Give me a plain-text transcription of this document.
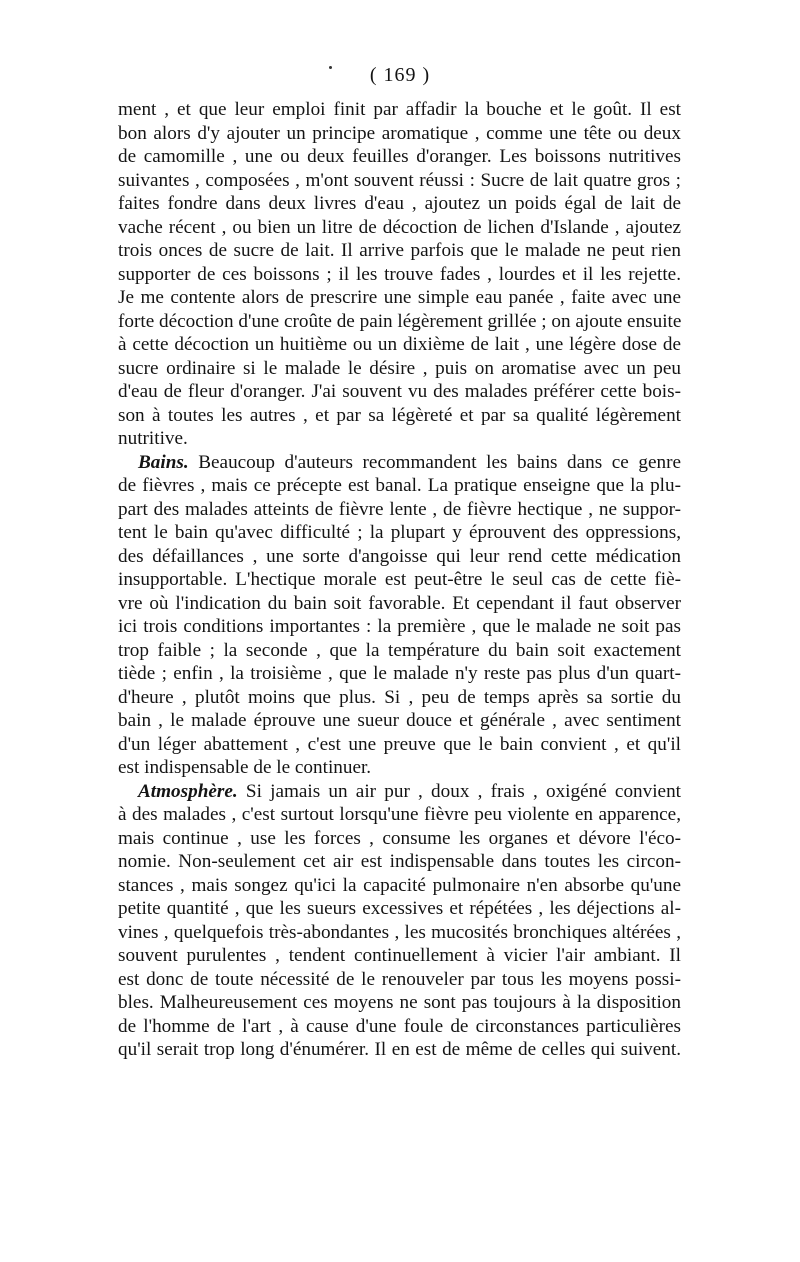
( 169 )
ment , et que leur emploi finit par affadir la bouche et le goût. Il est
bon alors d'y ajouter un principe aromatique , comme une tête ou deux
de camomille , une ou deux feuilles d'oranger. Les boissons nutritives
suivantes , composées , m'ont souvent réussi : Sucre de lait quatre gros ;
faites fondre dans deux livres d'eau , ajoutez un poids égal de lait de
vache récent , ou bien un litre de décoction de lichen d'Islande , ajoutez
trois onces de sucre de lait. Il arrive parfois que le malade ne peut rien
supporter de ces boissons ; il les trouve fades , lourdes et il les rejette.
Je me contente alors de prescrire une simple eau panée , faite avec une
forte décoction d'une croûte de pain légèrement grillée ; on ajoute ensuite
à cette décoction un huitième ou un dixième de lait , une légère dose de
sucre ordinaire si le malade le désire , puis on aromatise avec un peu
d'eau de fleur d'oranger. J'ai souvent vu des malades préférer cette bois-
son à toutes les autres , et par sa légèreté et par sa qualité légèrement
nutritive.
Bains. Beaucoup d'auteurs recommandent les bains dans ce genre
de fièvres , mais ce précepte est banal. La pratique enseigne que la plu-
part des malades atteints de fièvre lente , de fièvre hectique , ne suppor-
tent le bain qu'avec difficulté ; la plupart y éprouvent des oppressions,
des défaillances , une sorte d'angoisse qui leur rend cette médication
insupportable. L'hectique morale est peut-être le seul cas de cette fiè-
vre où l'indication du bain soit favorable. Et cependant il faut observer
ici trois conditions importantes : la première , que le malade ne soit pas
trop faible ; la seconde , que la température du bain soit exactement
tiède ; enfin , la troisième , que le malade n'y reste pas plus d'un quart-
d'heure , plutôt moins que plus. Si , peu de temps après sa sortie du
bain , le malade éprouve une sueur douce et générale , avec sentiment
d'un léger abattement , c'est une preuve que le bain convient , et qu'il
est indispensable de le continuer.
Atmosphère. Si jamais un air pur , doux , frais , oxigéné convient
à des malades , c'est surtout lorsqu'une fièvre peu violente en apparence,
mais continue , use les forces , consume les organes et dévore l'éco-
nomie. Non-seulement cet air est indispensable dans toutes les circon-
stances , mais songez qu'ici la capacité pulmonaire n'en absorbe qu'une
petite quantité , que les sueurs excessives et répétées , les déjections al-
vines , quelquefois très-abondantes , les mucosités bronchiques altérées ,
souvent purulentes , tendent continuellement à vicier l'air ambiant. Il
est donc de toute nécessité de le renouveler par tous les moyens possi-
bles. Malheureusement ces moyens ne sont pas toujours à la disposition
de l'homme de l'art , à cause d'une foule de circonstances particulières
qu'il serait trop long d'énumérer. Il en est de même de celles qui suivent.
